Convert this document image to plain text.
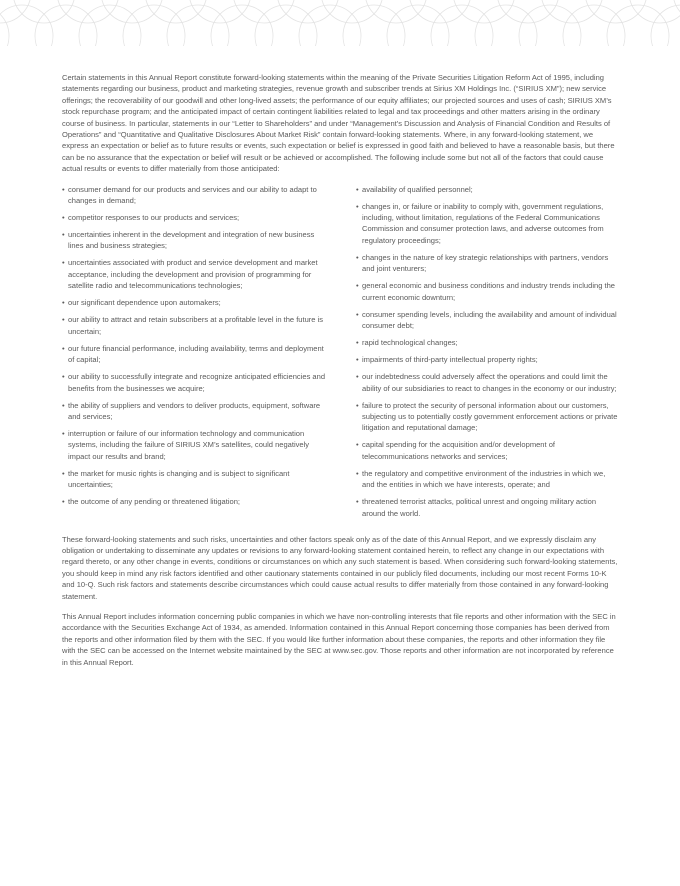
Certain statements in this Annual Report constitute forward-looking statements within the meaning of the Private Securities Litigation Reform Act of 1995, including statements regarding our business, product and marketing strategies, revenue growth and subscriber trends at Sirius XM Holdings Inc. (“SIRIUS XM”); new service offerings; the recoverability of our goodwill and other long-lived assets; the performance of our equity affiliates; our projected sources and uses of cash; SIRIUS XM’s stock repurchase program; and the anticipated impact of certain contingent liabilities related to legal and tax proceedings and other matters arising in the ordinary course of business. In particular, statements in our “Letter to Shareholders” and under “Management’s Discussion and Analysis of Financial Condition and Results of Operations” and “Quantitative and Qualitative Disclosures About Market Risk” contain forward-looking statements. Where, in any forward-looking statement, we express an expectation or belief as to future results or events, such expectation or belief is expressed in good faith and believed to have a reasonable basis, but there can be no assurance that the expectation or belief will result or be achieved or accomplished. The following include some but not all of the factors that could cause actual results or events to differ materially from those anticipated:

• consumer demand for our products and services and our ability to adapt to changes in demand;
• competitor responses to our products and services;
• uncertainties inherent in the development and integration of new business lines and business strategies;
• uncertainties associated with product and service development and market acceptance, including the development and provision of programming for satellite radio and telecommunications technologies;
• our significant dependence upon automakers;
• our ability to attract and retain subscribers at a profitable level in the future is uncertain;
• our future financial performance, including availability, terms and deployment of capital;
• our ability to successfully integrate and recognize anticipated efficiencies and benefits from the businesses we acquire;
• the ability of suppliers and vendors to deliver products, equipment, software and services;
• interruption or failure of our information technology and communication systems, including the failure of SIRIUS XM’s satellites, could negatively impact our results and brand;
• the market for music rights is changing and is subject to significant uncertainties;
• the outcome of any pending or threatened litigation;
• availability of qualified personnel;
• changes in, or failure or inability to comply with, government regulations, including, without limitation, regulations of the Federal Communications Commission and consumer protection laws, and adverse outcomes from regulatory proceedings;
• changes in the nature of key strategic relationships with partners, vendors and joint venturers;
• general economic and business conditions and industry trends including the current economic downturn;
• consumer spending levels, including the availability and amount of individual consumer debt;
• rapid technological changes;
• impairments of third-party intellectual property rights;
• our indebtedness could adversely affect the operations and could limit the ability of our subsidiaries to react to changes in the economy or our industry;
• failure to protect the security of personal information about our customers, subjecting us to potentially costly government enforcement actions or private litigation and reputational damage;
• capital spending for the acquisition and/or development of telecommunications networks and services;
• the regulatory and competitive environment of the industries in which we, and the entities in which we have interests, operate; and
• threatened terrorist attacks, political unrest and ongoing military action around the world.

These forward-looking statements and such risks, uncertainties and other factors speak only as of the date of this Annual Report, and we expressly disclaim any obligation or undertaking to disseminate any updates or revisions to any forward-looking statement contained herein, to reflect any change in our expectations with regard thereto, or any other change in events, conditions or circumstances on which any such statement is based. When considering such forward-looking statements, you should keep in mind any risk factors identified and other cautionary statements contained in our publicly filed documents, including our most recent Forms 10-K and 10-Q. Such risk factors and statements describe circumstances which could cause actual results to differ materially from those contained in any forward-looking statement.

This Annual Report includes information concerning public companies in which we have non-controlling interests that file reports and other information with the SEC in accordance with the Securities Exchange Act of 1934, as amended. Information contained in this Annual Report concerning those companies has been derived from the reports and other information filed by them with the SEC. If you would like further information about these companies, the reports and other information they file with the SEC can be accessed on the Internet website maintained by the SEC at www.sec.gov. Those reports and other information are not incorporated by reference in this Annual Report.
